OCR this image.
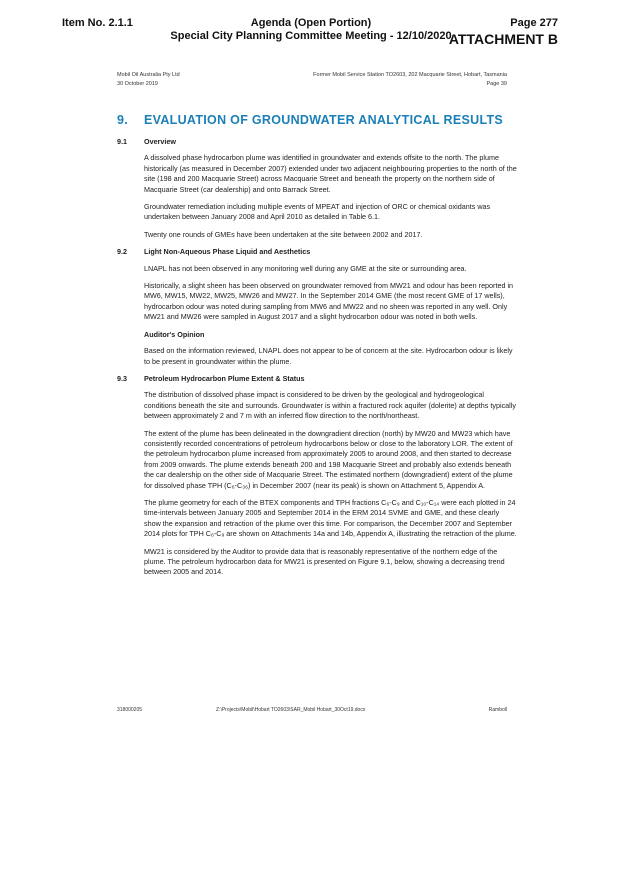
Item No. 2.1.1	Agenda (Open Portion)
Special City Planning Committee Meeting - 12/10/2020
Page 277
ATTACHMENT B
Mobil Oil Australia Pty Ltd
30 October 2019
Former Mobil Service Station TO2603, 202 Macquarie Street, Hobart, Tasmania
Page 39
9. EVALUATION OF GROUNDWATER ANALYTICAL RESULTS
9.1	Overview

A dissolved phase hydrocarbon plume was identified in groundwater and extends offsite to the north. The plume historically (as measured in December 2007) extended under two adjacent neighbouring properties to the north of the site (198 and 200 Macquarie Street) across Macquarie Street and beneath the property on the northern side of Macquarie Street (car dealership) and onto Barrack Street.

Groundwater remediation including multiple events of MPEAT and injection of ORC or chemical oxidants was undertaken between January 2008 and April 2010 as detailed in Table 6.1.

Twenty one rounds of GMEs have been undertaken at the site between 2002 and 2017.

9.2	Light Non-Aqueous Phase Liquid and Aesthetics

LNAPL has not been observed in any monitoring well during any GME at the site or surrounding area.

Historically, a slight sheen has been observed on groundwater removed from MW21 and odour has been reported in MW6, MW15, MW22, MW25, MW26 and MW27. In the September 2014 GME (the most recent GME of 17 wells), hydrocarbon odour was noted during sampling from MW6 and MW22 and no sheen was reported in any well. Only MW21 and MW26 were sampled in August 2017 and a slight hydrocarbon odour was noted in both wells.

Auditor's Opinion

Based on the information reviewed, LNAPL does not appear to be of concern at the site. Hydrocarbon odour is likely to be present in groundwater within the plume.

9.3	Petroleum Hydrocarbon Plume Extent & Status

The distribution of dissolved phase impact is considered to be driven by the geological and hydrogeological conditions beneath the site and surrounds. Groundwater is within a fractured rock aquifer (dolerite) at depths typically between approximately 2 and 7 m with an inferred flow direction to the north/northeast.

The extent of the plume has been delineated in the downgradient direction (north) by MW20 and MW23 which have consistently recorded concentrations of petroleum hydrocarbons below or close to the laboratory LOR. The extent of the petroleum hydrocarbon plume increased from approximately 2005 to around 2008, and then started to decrease from 2009 onwards. The plume extends beneath 200 and 198 Macquarie Street and probably also extends beneath the car dealership on the other side of Macquarie Street. The estimated northern (downgradient) extent of the plume for dissolved phase TPH (C₆-C₃₆) in December 2007 (near its peak) is shown on Attachment 5, Appendix A.

The plume geometry for each of the BTEX components and TPH fractions C₆-C₉ and C₁₀-C₁₄ were each plotted in 24 time-intervals between January 2005 and September 2014 in the ERM 2014 SVME and GME, and these clearly show the expansion and retraction of the plume over this time. For comparison, the December 2007 and September 2014 plots for TPH C₆-C₉ are shown on Attachments 14a and 14b, Appendix A, illustrating the retraction of the plume.

MW21 is considered by the Auditor to provide data that is reasonably representative of the northern edge of the plume. The petroleum hydrocarbon data for MW21 is presented on Figure 9.1, below, showing a decreasing trend between 2005 and 2014.

318000205	Z:\Projects\Mobil\Hobart TO2603\SAR_Mobil Hobart_30Oct19.docx	Ramboll
